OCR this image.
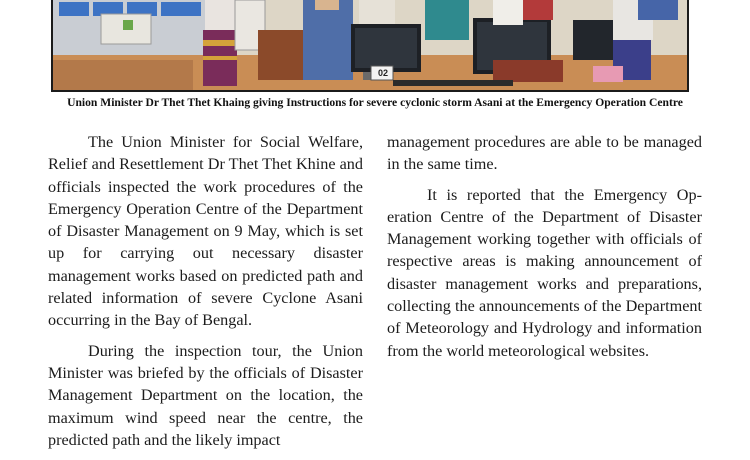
02
Union Minister Dr Thet Thet Khaing giving Instructions for severe cyclonic storm Asani at the Emergency Operation Centre

The Union Minister for Social Welfare, Relief and Resettlement Dr Thet Thet Khine and officials inspected the work procedures of the Emergency Operation Centre of the Department of Disaster Management on 9 May, which is set up for carrying out necessary disaster management works based on predicted path and related information of severe Cyclone Asani occurring in the Bay of Bengal.

During the inspection tour, the Union Minister was briefed by the officials of Disaster Management Department on the location, the maximum wind speed near the centre, the predicted path and the likely impact

management procedures are able to be managed in the same time.

It is reported that the Emergency Operation Centre of the Department of Disaster Management working together with officials of respective areas is making announcement of disaster management works and preparations, collecting the announcements of the Department of Meteorology and Hydrology and information from the world meteorological websites.
